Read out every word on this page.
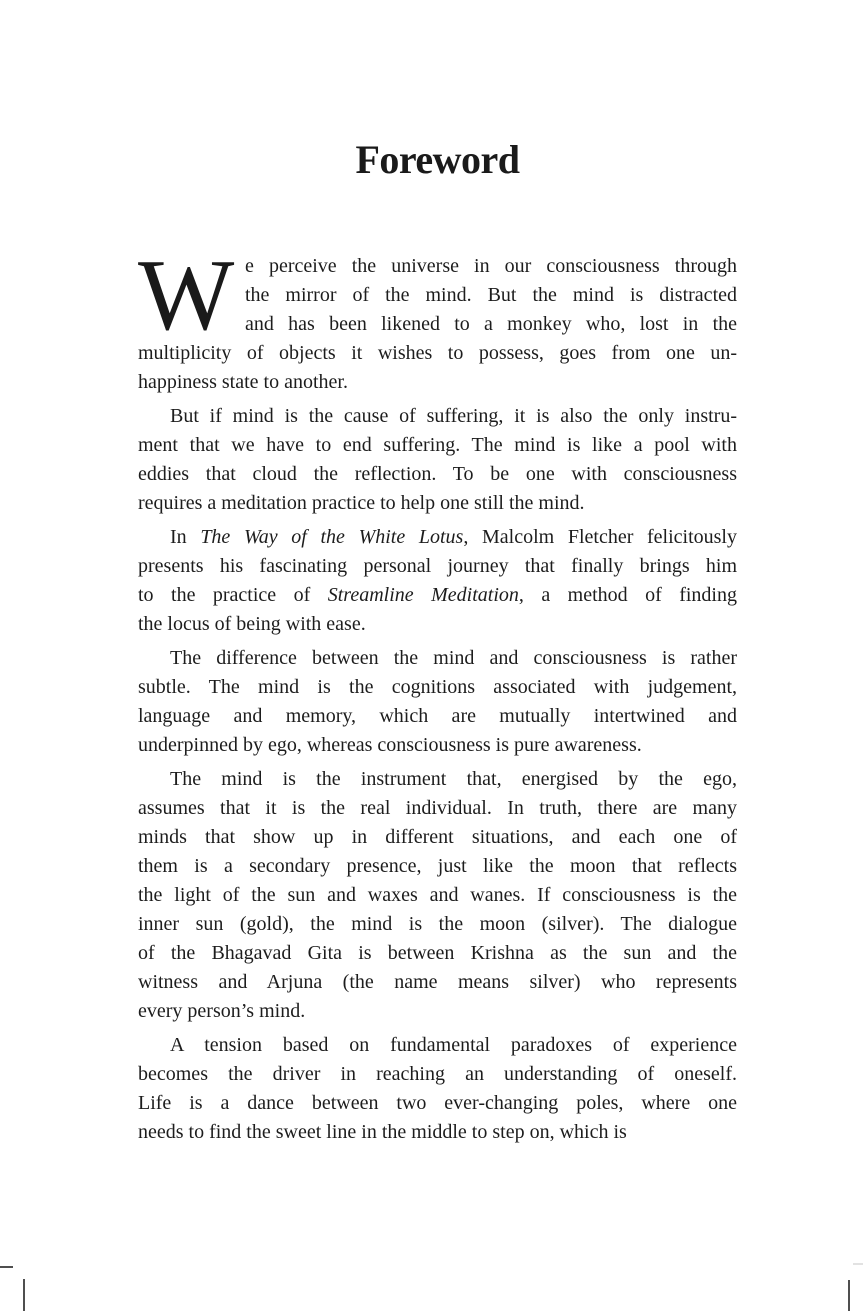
Foreword
W e perceive the universe in our consciousness through
the mirror of the mind. But the mind is distracted
and has been likened to a monkey who, lost in the
multiplicity of objects it wishes to possess, goes from one un-
happiness state to another.
But if mind is the cause of suffering, it is also the only instru-
ment that we have to end suffering. The mind is like a pool with
eddies that cloud the reflection. To be one with consciousness
requires a meditation practice to help one still the mind.
In The Way of the White Lotus, Malcolm Fletcher felicitously
presents his fascinating personal journey that finally brings him
to the practice of Streamline Meditation, a method of finding
the locus of being with ease.
The difference between the mind and consciousness is rather
subtle. The mind is the cognitions associated with judgement,
language and memory, which are mutually intertwined and
underpinned by ego, whereas consciousness is pure awareness.
The mind is the instrument that, energised by the ego,
assumes that it is the real individual. In truth, there are many
minds that show up in different situations, and each one of
them is a secondary presence, just like the moon that reflects
the light of the sun and waxes and wanes. If consciousness is the
inner sun (gold), the mind is the moon (silver). The dialogue
of the Bhagavad Gita is between Krishna as the sun and the
witness and Arjuna (the name means silver) who represents
every person’s mind.
A tension based on fundamental paradoxes of experience
becomes the driver in reaching an understanding of oneself.
Life is a dance between two ever-changing poles, where one
needs to find the sweet line in the middle to step on, which is
